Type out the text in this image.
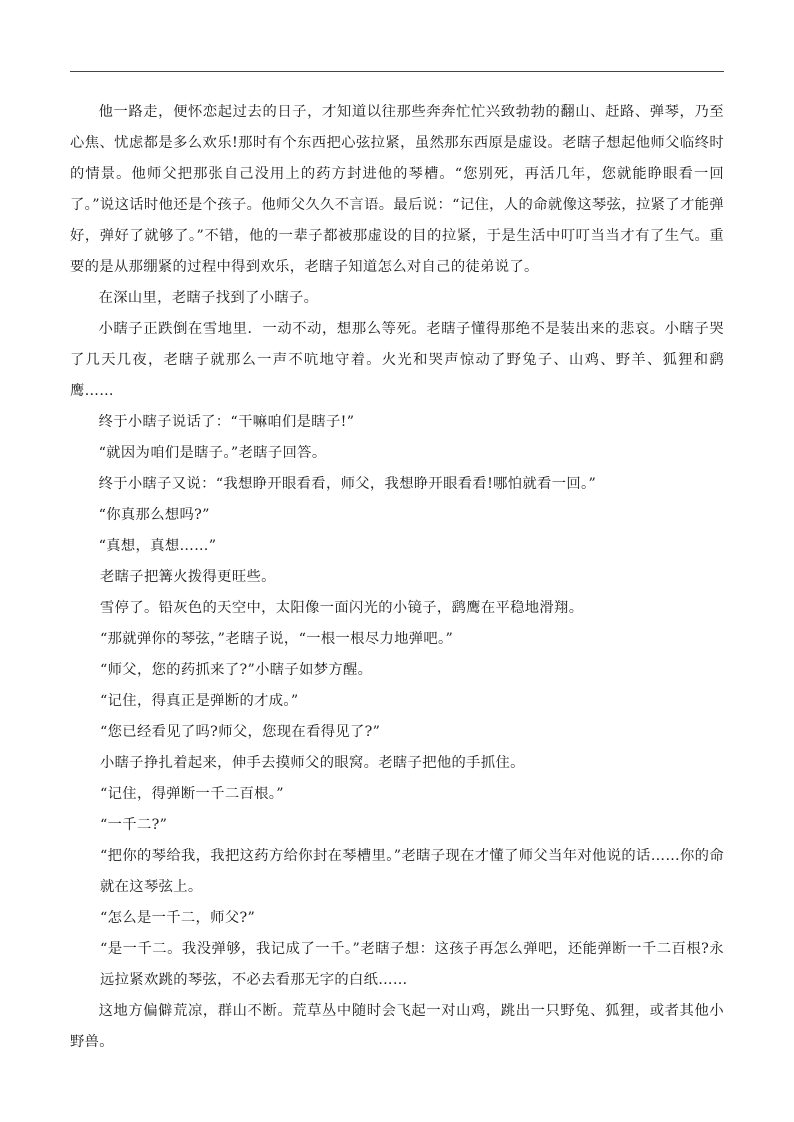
他一路走，便怀恋起过去的日子，才知道以往那些奔奔忙忙兴致勃勃的翻山、赶路、弹琴，乃至心焦、忧虑都是多么欢乐!那时有个东西把心弦拉紧，虽然那东西原是虚设。老瞎子想起他师父临终时的情景。他师父把那张自己没用上的药方封进他的琴槽。“您别死，再活几年，您就能睁眼看一回了。”说这话时他还是个孩子。他师父久久不言语。最后说：“记住，人的命就像这琴弦，拉紧了才能弹好，弹好了就够了。”不错，他的一辈子都被那虚设的目的拉紧，于是生活中叮叮当当才有了生气。重要的是从那绷紧的过程中得到欢乐，老瞎子知道怎么对自己的徒弟说了。

在深山里，老瞎子找到了小瞎子。

小瞎子正跌倒在雪地里．一动不动，想那么等死。老瞎子懂得那绝不是装出来的悲哀。小瞎子哭了几天几夜，老瞎子就那么一声不吭地守着。火光和哭声惊动了野兔子、山鸡、野羊、狐狸和鹞鹰……

终于小瞎子说话了：“干嘛咱们是瞎子!”

“就因为咱们是瞎子。”老瞎子回答。

终于小瞎子又说：“我想睁开眼看看，师父，我想睁开眼看看!哪怕就看一回。”

“你真那么想吗?”

“真想，真想……”

老瞎子把篝火拨得更旺些。

雪停了。铅灰色的天空中，太阳像一面闪光的小镜子，鹞鹰在平稳地滑翔。

“那就弹你的琴弦，”老瞎子说，“一根一根尽力地弹吧。”

“师父，您的药抓来了?”小瞎子如梦方醒。

“记住，得真正是弹断的才成。”

“您已经看见了吗?师父，您现在看得见了?”

小瞎子挣扎着起来，伸手去摸师父的眼窝。老瞎子把他的手抓住。

“记住，得弹断一千二百根。”

“一千二?”

“把你的琴给我，我把这药方给你封在琴槽里。”老瞎子现在才懂了师父当年对他说的话……你的命就在这琴弦上。

“怎么是一千二，师父?”

“是一千二。我没弹够，我记成了一千。”老瞎子想：这孩子再怎么弹吧，还能弹断一千二百根?永远拉紧欢跳的琴弦，不必去看那无字的白纸……

这地方偏僻荒凉，群山不断。荒草丛中随时会飞起一对山鸡，跳出一只野兔、狐狸，或者其他小野兽。
